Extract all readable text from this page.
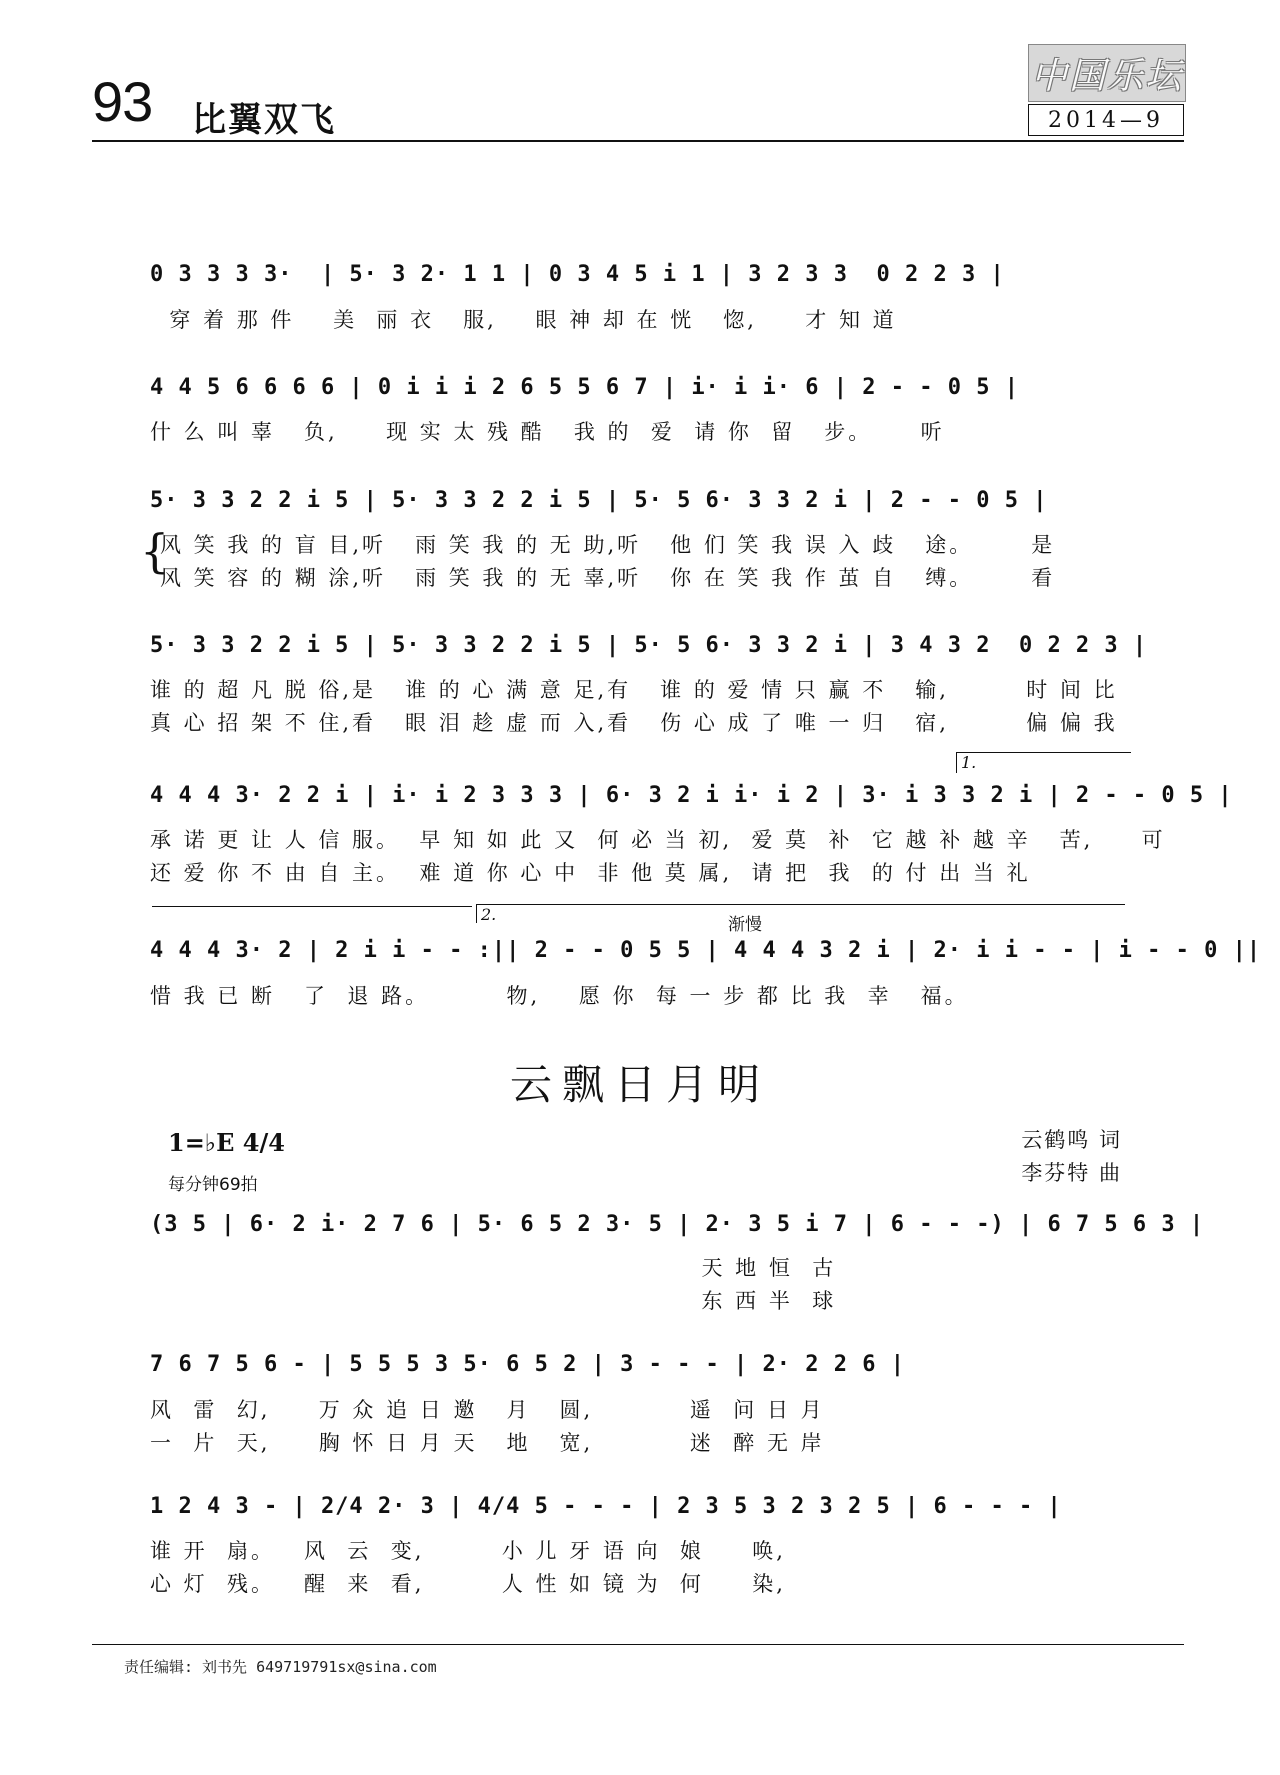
93 比翼双飞
中国乐坛
2014—9
0 3 3 3 3·  | 5· 3 2· 1 1 | 0 3 4 5 i 1 | 3 2 3 3  0 2 2 3 |
穿 着 那 件    美  丽 衣   服,    眼 神 却 在 恍   惚,     才 知 道
4 4 5 6 6 6 6 | 0 i i i 2 6 5 5 6 7 | i· i i· 6 | 2 - - 0 5 |
什 么 叫 辜   负,     现 实 太 残 酷   我 的  爱  请 你  留   步。     听
5· 3 3 2 2 i 5 | 5· 3 3 2 2 i 5 | 5· 5 6· 3 3 2 i | 2 - - 0 5 |
{
风 笑 我 的 盲 目,听   雨 笑 我 的 无 助,听   他 们 笑 我 误 入 歧   途。      是
风 笑 容 的 糊 涂,听   雨 笑 我 的 无 辜,听   你 在 笑 我 作 茧 自   缚。      看
5· 3 3 2 2 i 5 | 5· 3 3 2 2 i 5 | 5· 5 6· 3 3 2 i | 3 4 3 2  0 2 2 3 |
谁 的 超 凡 脱 俗,是   谁 的 心 满 意 足,有   谁 的 爱 情 只 赢 不   输,        时 间 比
真 心 招 架 不 住,看   眼 泪 趁 虚 而 入,看   伤 心 成 了 唯 一 归   宿,        偏 偏 我
1.
4 4 4 3· 2 2 i | i· i 2 3 3 3 | 6· 3 2 i i· i 2 | 3· i 3 3 2 i | 2 - - 0 5 |
承 诺 更 让 人 信 服。  早 知 如 此 又  何 必 当 初,  爱 莫  补  它 越 补 越 辛   苦,     可
还 爱 你 不 由 自 主。  难 道 你 心 中  非 他 莫 属,  请 把  我  的 付 出 当 礼
2.
渐慢
4 4 4 3· 2 | 2 i i - - :|| 2 - - 0 5 5 | 4 4 4 3 2 i | 2· i i - - | i - - 0 ||
惜 我 已 断   了  退 路。        物,    愿 你  每 一 步 都 比 我  幸   福。
云飘日月明
1=♭E 4/4
每分钟69拍
云鹤鸣 词
李芬特 曲
(3 5 | 6· 2 i· 2 7 6 | 5· 6 5 2 3· 5 | 2· 3 5 i 7 | 6 - - -) | 6 7 5 6 3 |
天 地 恒  古
东 西 半  球
7 6 7 5 6 - | 5 5 5 3 5· 6 5 2 | 3 - - - | 2· 2 2 6 |
风  雷  幻,     万 众 追 日 邀   月   圆,          遥  问 日 月
一  片  天,     胸 怀 日 月 天   地   宽,          迷  醉 无 岸
1 2 4 3 - | 2/4 2· 3 | 4/4 5 - - - | 2 3 5 3 2 3 2 5 | 6 - - - |
谁 开  扇。   风  云  变,        小 儿 牙 语 向  娘     唤,
心 灯  残。   醒  来  看,        人 性 如 镜 为  何     染,
责任编辑: 刘书先 649719791sx@sina.com
